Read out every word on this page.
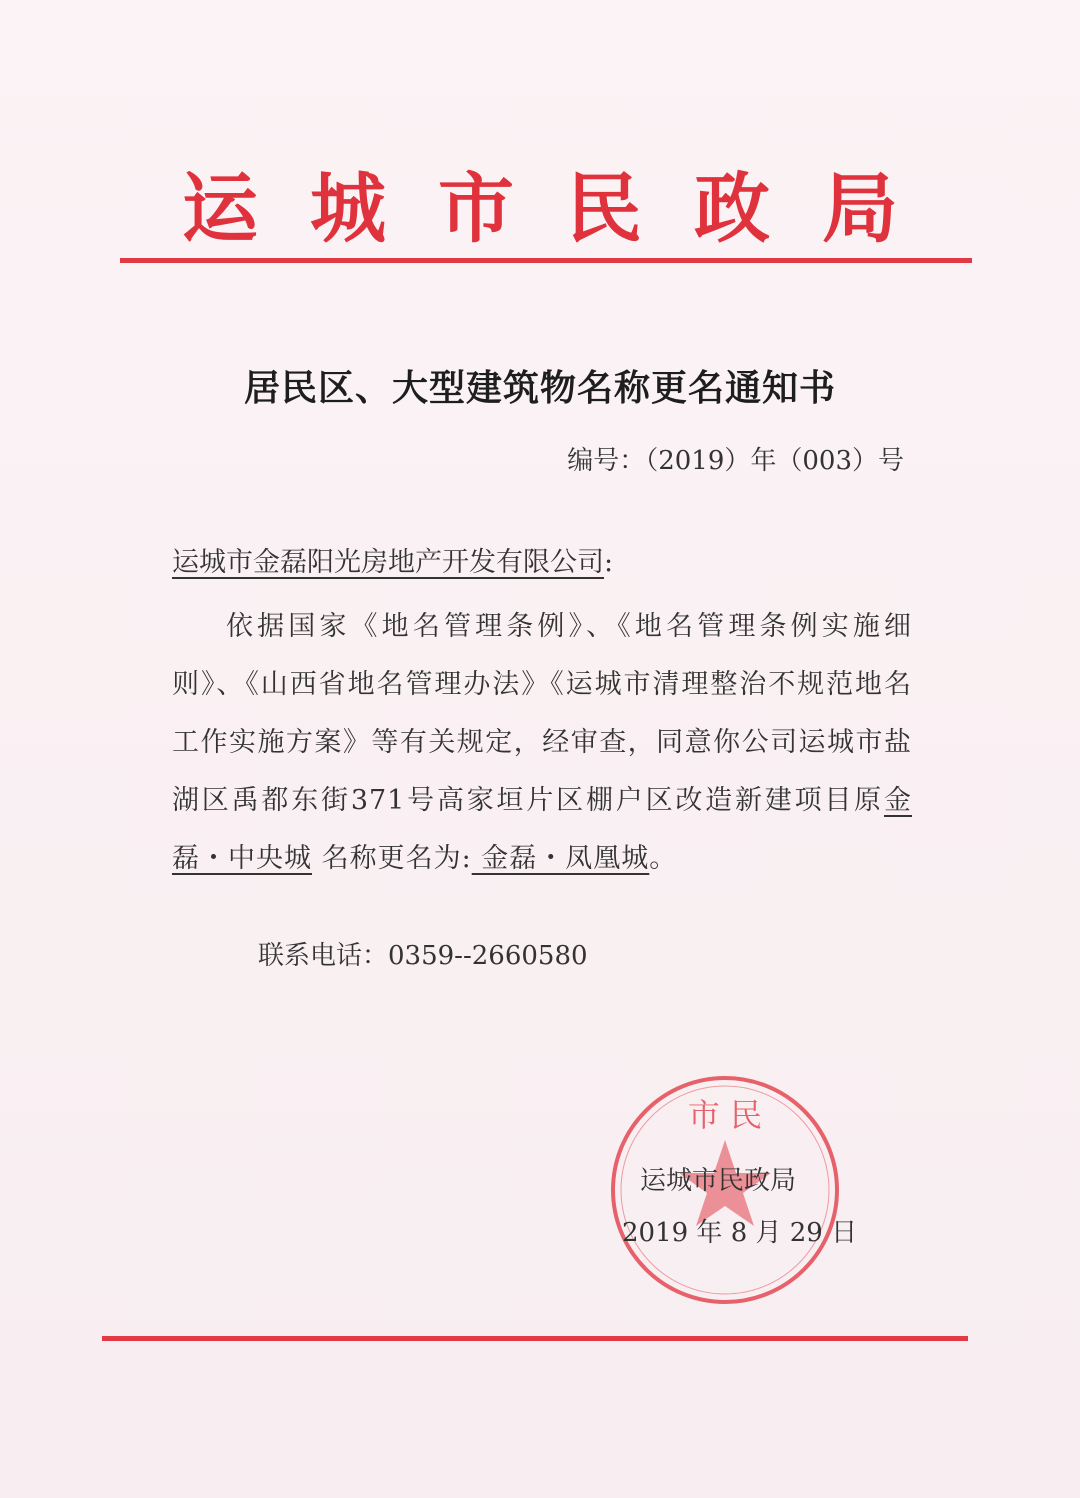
运城市民政局
居民区、大型建筑物名称更名通知书
编号：（2019）年（003）号
运城市金磊阳光房地产开发有限公司:
依据国家《地名管理条例》、《地名管理条例实施细则》、《山西省地名管理办法》《运城市清理整治不规范地名工作实施方案》等有关规定，经审查，同意你公司运城市盐湖区禹都东街371号高家垣片区棚户区改造新建项目原金磊・中央城 名称更名为: 金磊・凤凰城。
联系电话：0359--2660580
市 民
运城市民政局
2019 年 8 月 29 日
